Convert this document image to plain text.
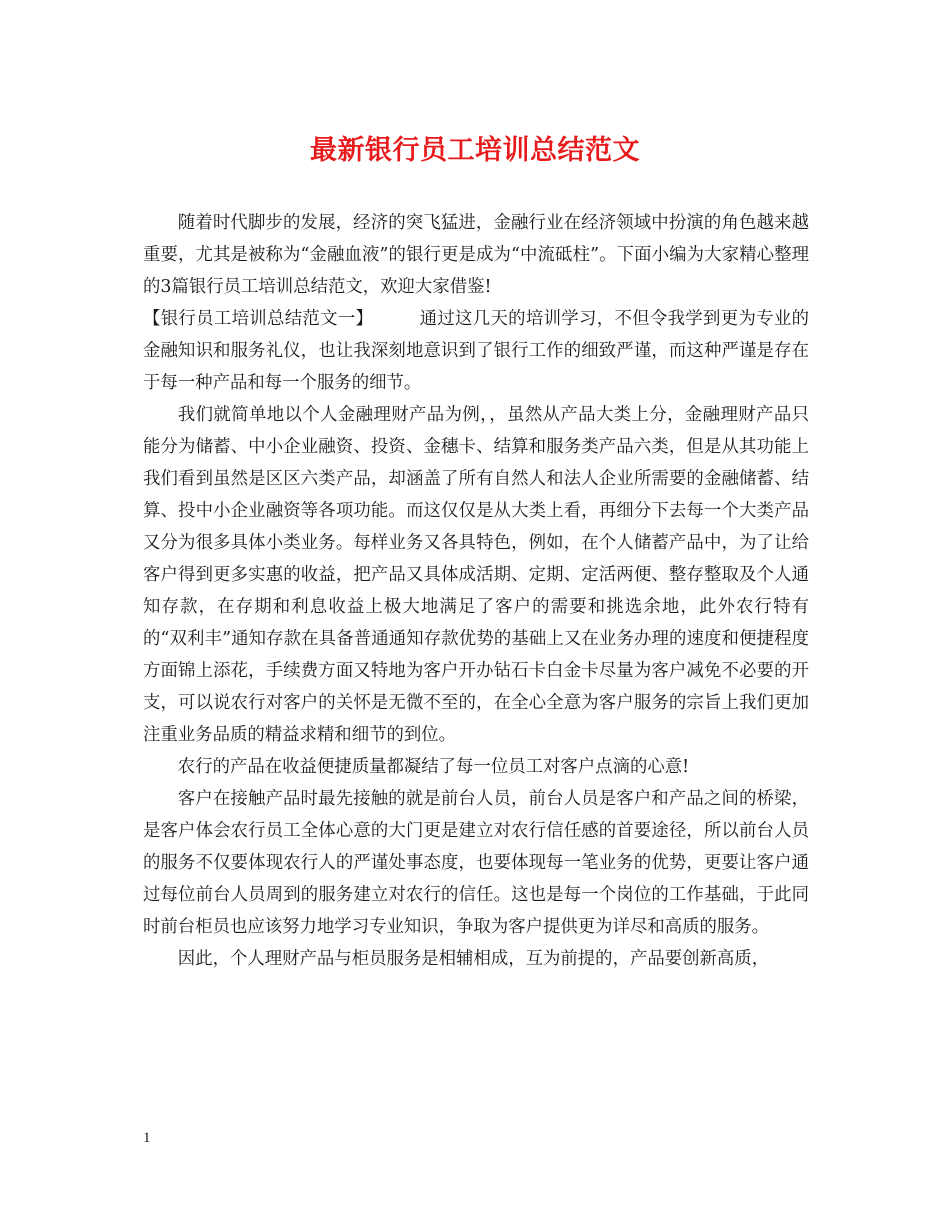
最新银行员工培训总结范文

随着时代脚步的发展，经济的突飞猛进，金融行业在经济领域中扮演的角色越来越重要，尤其是被称为“金融血液”的银行更是成为“中流砥柱”。下面小编为大家精心整理的3篇银行员工培训总结范文，欢迎大家借鉴!

【银行员工培训总结范文一】	通过这几天的培训学习，不但令我学到更为专业的金融知识和服务礼仪，也让我深刻地意识到了银行工作的细致严谨，而这种严谨是存在于每一种产品和每一个服务的细节。

我们就简单地以个人金融理财产品为例，，虽然从产品大类上分，金融理财产品只能分为储蓄、中小企业融资、投资、金穗卡、结算和服务类产品六类，但是从其功能上我们看到虽然是区区六类产品，却涵盖了所有自然人和法人企业所需要的金融储蓄、结算、投中小企业融资等各项功能。而这仅仅是从大类上看，再细分下去每一个大类产品又分为很多具体小类业务。每样业务又各具特色，例如，在个人储蓄产品中，为了让给客户得到更多实惠的收益，把产品又具体成活期、定期、定活两便、整存整取及个人通知存款，在存期和利息收益上极大地满足了客户的需要和挑选余地，此外农行特有的“双利丰”通知存款在具备普通通知存款优势的基础上又在业务办理的速度和便捷程度方面锦上添花，手续费方面又特地为客户开办钻石卡白金卡尽量为客户减免不必要的开支，可以说农行对客户的关怀是无微不至的，在全心全意为客户服务的宗旨上我们更加注重业务品质的精益求精和细节的到位。

农行的产品在收益便捷质量都凝结了每一位员工对客户点滴的心意!

客户在接触产品时最先接触的就是前台人员，前台人员是客户和产品之间的桥梁，是客户体会农行员工全体心意的大门更是建立对农行信任感的首要途径，所以前台人员的服务不仅要体现农行人的严谨处事态度，也要体现每一笔业务的优势，更要让客户通过每位前台人员周到的服务建立对农行的信任。这也是每一个岗位的工作基础，于此同时前台柜员也应该努力地学习专业知识，争取为客户提供更为详尽和高质的服务。

因此，个人理财产品与柜员服务是相辅相成，互为前提的，产品要创新高质，

1
